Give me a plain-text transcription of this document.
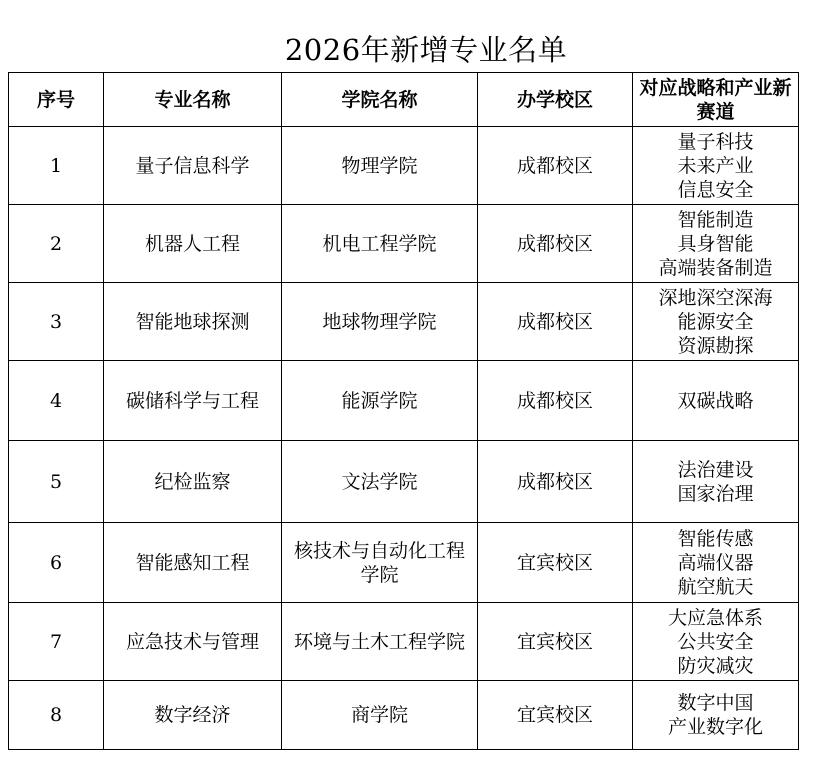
2026年新增专业名单
序号	专业名称	学院名称	办学校区	对应战略和产业新赛道
1	量子信息科学	物理学院	成都校区	量子科技
未来产业
信息安全

2	机器人工程	机电工程学院	成都校区	智能制造
具身智能
高端装备制造

3	智能地球探测	地球物理学院	成都校区	深地深空深海
能源安全
资源勘探

4	碳储科学与工程	能源学院	成都校区	双碳战略

5	纪检监察	文法学院	成都校区	法治建设
国家治理

6	智能感知工程	核技术与自动化工程学院	宜宾校区	智能传感
高端仪器
航空航天

7	应急技术与管理	环境与土木工程学院	宜宾校区	大应急体系
公共安全
防灾减灾

8	数字经济	商学院	宜宾校区	数字中国
产业数字化
